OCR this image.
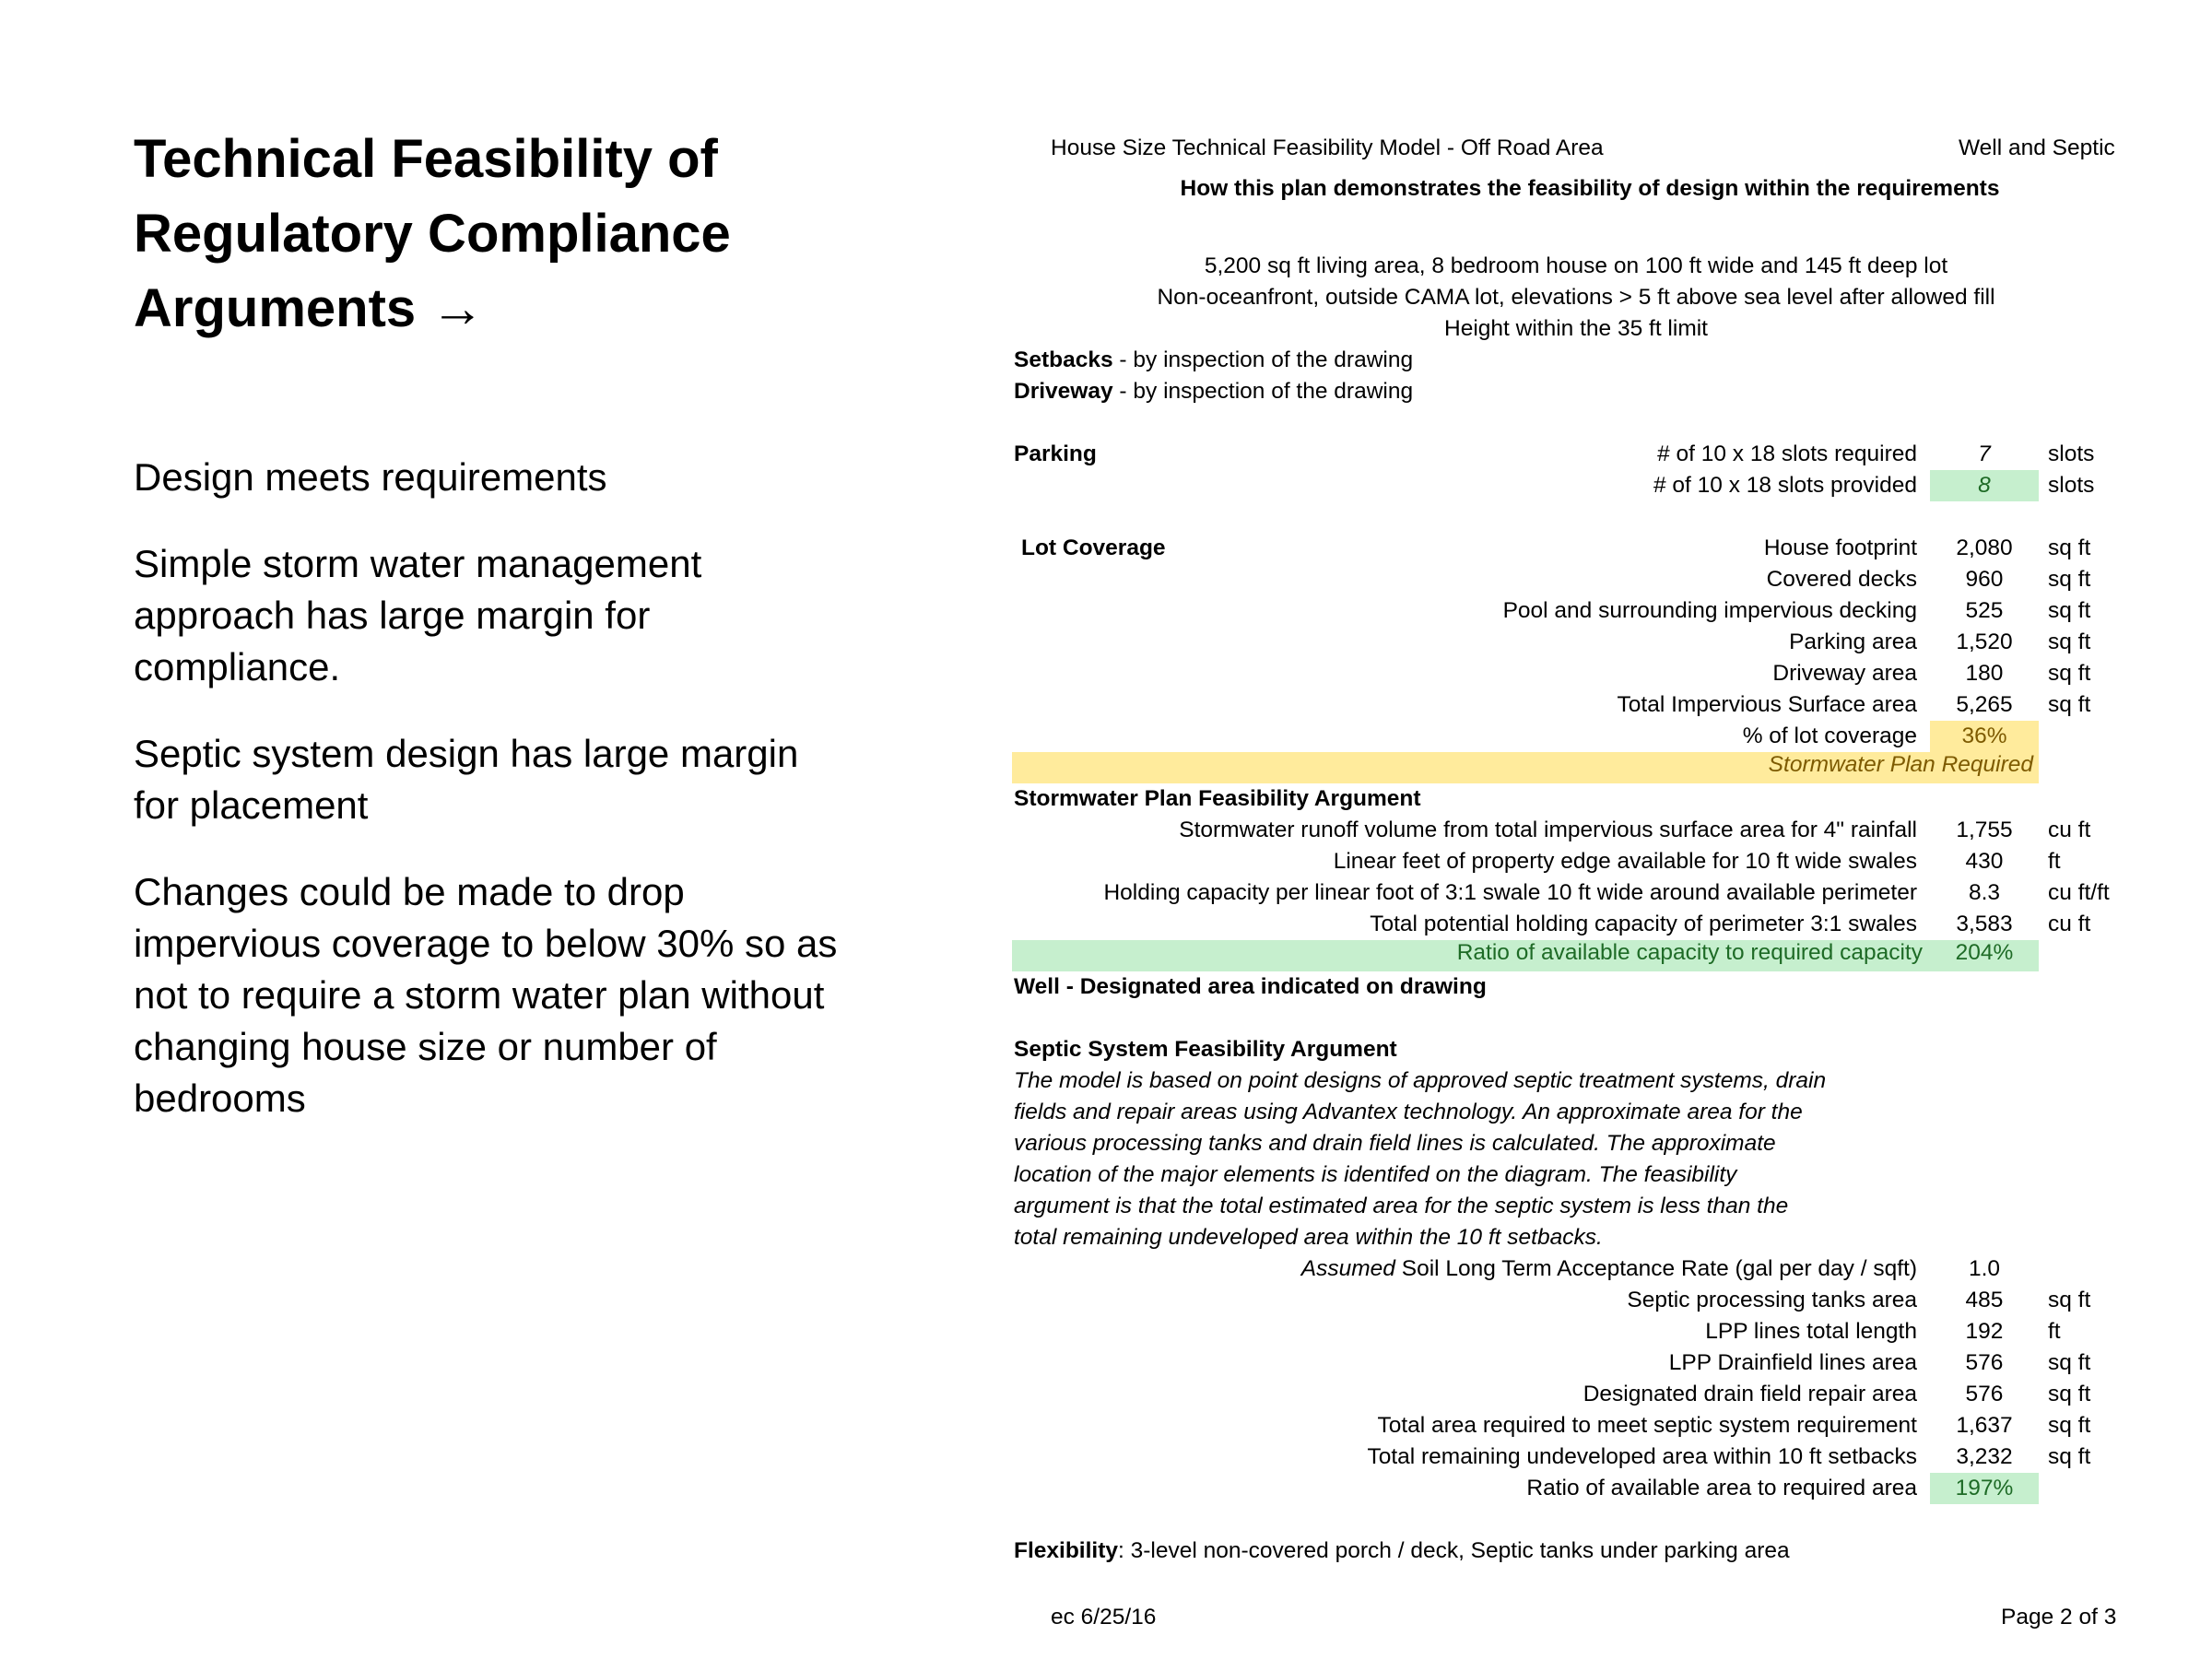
Technical Feasibility of
Regulatory Compliance
Arguments →

Design meets requirements

Simple storm water management approach has large margin for compliance.

Septic system design has large margin for placement

Changes could be made to drop impervious coverage to below 30% so as not to require a storm water plan without changing house size or number of bedrooms

House Size Technical Feasibility Model - Off Road Area	Well and Septic
How this plan demonstrates the feasibility of design within the requirements
5,200 sq ft living area, 8 bedroom house on 100 ft wide and 145 ft deep lot
Non-oceanfront, outside CAMA lot, elevations > 5 ft above sea level after allowed fill
Height within the 35 ft limit
Setbacks - by inspection of the drawing
Driveway - by inspection of the drawing
Parking	# of 10 x 18 slots required	7	slots
# of 10 x 18 slots provided	8	slots
Lot Coverage	House footprint	2,080	sq ft
Covered decks	960	sq ft
Pool and surrounding impervious decking	525	sq ft
Parking area	1,520	sq ft
Driveway area	180	sq ft
Total Impervious Surface area	5,265	sq ft
% of lot coverage	36%
Stormwater Plan Required
Stormwater Plan Feasibility Argument
Stormwater runoff volume from total impervious surface area for 4" rainfall	1,755	cu ft
Linear feet of property edge available for 10 ft wide swales	430	ft
Holding capacity per linear foot of 3:1 swale 10 ft wide around available perimeter	8.3	cu ft/ft
Total potential holding capacity of perimeter 3:1 swales	3,583	cu ft
Ratio of available capacity to required capacity	204%
Well - Designated area indicated on drawing
Septic System Feasibility Argument
The model is based on point designs of approved septic treatment systems, drain
fields and repair areas using Advantex technology. An approximate area for the
various processing tanks and drain field lines is calculated. The approximate
location of the major elements is identifed on the diagram. The feasibility
argument is that the total estimated area for the septic system is less than the
total remaining undeveloped area within the 10 ft setbacks.
Assumed Soil Long Term Acceptance Rate (gal per day / sqft)	1.0
Septic processing tanks area	485	sq ft
LPP lines total length	192	ft
LPP Drainfield lines area	576	sq ft
Designated drain field repair area	576	sq ft
Total area required to meet septic system requirement	1,637	sq ft
Total remaining undeveloped area within 10 ft setbacks	3,232	sq ft
Ratio of available area to required area	197%
Flexibility: 3-level non-covered porch / deck, Septic tanks under parking area
ec 6/25/16	Page 2 of 3
